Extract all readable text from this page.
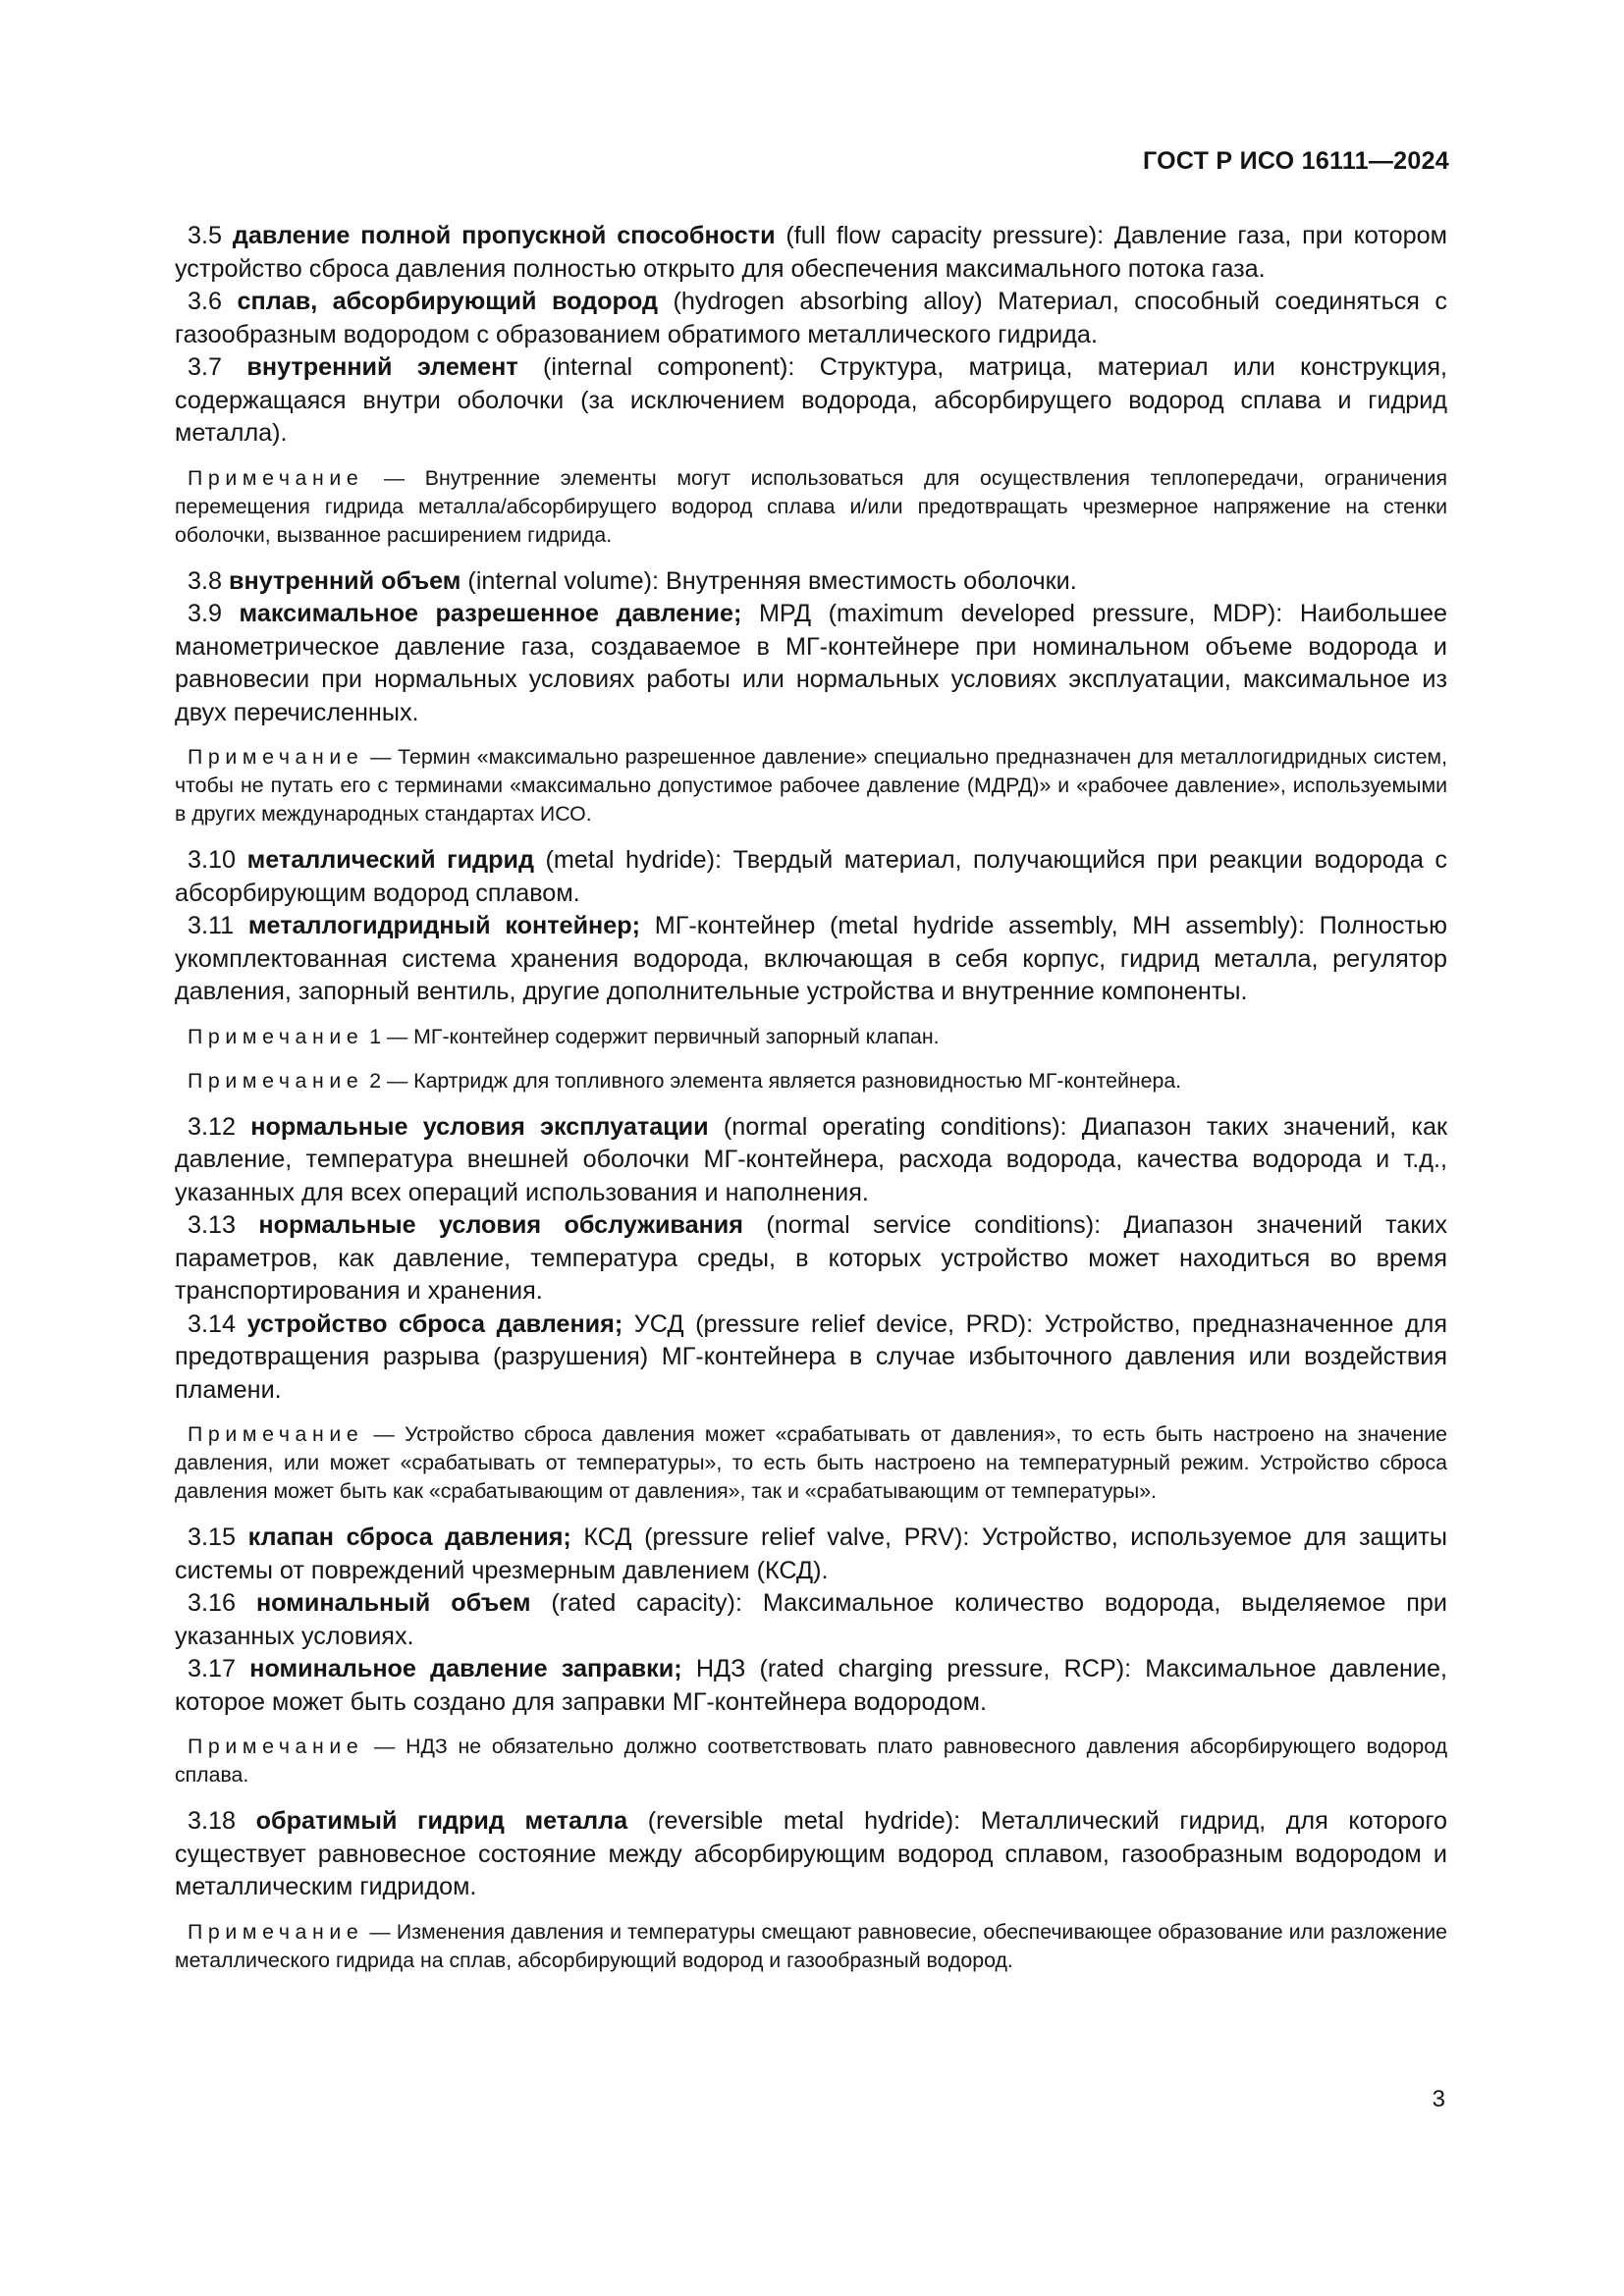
ГОСТ Р ИСО 16111—2024

3.5 давление полной пропускной способности (full flow capacity pressure): Давление газа, при котором устройство сброса давления полностью открыто для обеспечения максимального потока газа.

3.6 сплав, абсорбирующий водород (hydrogen absorbing alloy) Материал, способный соединяться с газообразным водородом с образованием обратимого металлического гидрида.

3.7 внутренний элемент (internal component): Структура, матрица, материал или конструкция, содержащаяся внутри оболочки (за исключением водорода, абсорбирущего водород сплава и гидрид металла).

Примечание — Внутренние элементы могут использоваться для осуществления теплопередачи, ограничения перемещения гидрида металла/абсорбирущего водород сплава и/или предотвращать чрезмерное напряжение на стенки оболочки, вызванное расширением гидрида.

3.8 внутренний объем (internal volume): Внутренняя вместимость оболочки.

3.9 максимальное разрешенное давление; МРД (maximum developed pressure, MDP): Наибольшее манометрическое давление газа, создаваемое в МГ-контейнере при номинальном объеме водорода и равновесии при нормальных условиях работы или нормальных условиях эксплуатации, максимальное из двух перечисленных.

Примечание — Термин «максимально разрешенное давление» специально предназначен для металлогидридных систем, чтобы не путать его с терминами «максимально допустимое рабочее давление (МДРД)» и «рабочее давление», используемыми в других международных стандартах ИСО.

3.10 металлический гидрид (metal hydride): Твердый материал, получающийся при реакции водорода с абсорбирующим водород сплавом.

3.11 металлогидридный контейнер; МГ-контейнер (metal hydride assembly, MH assembly): Полностью укомплектованная система хранения водорода, включающая в себя корпус, гидрид металла, регулятор давления, запорный вентиль, другие дополнительные устройства и внутренние компоненты.

Примечание 1 — МГ-контейнер содержит первичный запорный клапан.

Примечание 2 — Картридж для топливного элемента является разновидностью МГ-контейнера.

3.12 нормальные условия эксплуатации (normal operating conditions): Диапазон таких значений, как давление, температура внешней оболочки МГ-контейнера, расхода водорода, качества водорода и т.д., указанных для всех операций использования и наполнения.

3.13 нормальные условия обслуживания (normal service conditions): Диапазон значений таких параметров, как давление, температура среды, в которых устройство может находиться во время транспортирования и хранения.

3.14 устройство сброса давления; УСД (pressure relief device, PRD): Устройство, предназначенное для предотвращения разрыва (разрушения) МГ-контейнера в случае избыточного давления или воздействия пламени.

Примечание — Устройство сброса давления может «срабатывать от давления», то есть быть настроено на значение давления, или может «срабатывать от температуры», то есть быть настроено на температурный режим. Устройство сброса давления может быть как «срабатывающим от давления», так и «срабатывающим от температуры».

3.15 клапан сброса давления; КСД (pressure relief valve, PRV): Устройство, используемое для защиты системы от повреждений чрезмерным давлением (КСД).

3.16 номинальный объем (rated capacity): Максимальное количество водорода, выделяемое при указанных условиях.

3.17 номинальное давление заправки; НДЗ (rated charging pressure, RCP): Максимальное давление, которое может быть создано для заправки МГ-контейнера водородом.

Примечание — НДЗ не обязательно должно соответствовать плато равновесного давления абсорбирующего водород сплава.

3.18 обратимый гидрид металла (reversible metal hydride): Металлический гидрид, для которого существует равновесное состояние между абсорбирующим водород сплавом, газообразным водородом и металлическим гидридом.

Примечание — Изменения давления и температуры смещают равновесие, обеспечивающее образование или разложение металлического гидрида на сплав, абсорбирующий водород и газообразный водород.

3
